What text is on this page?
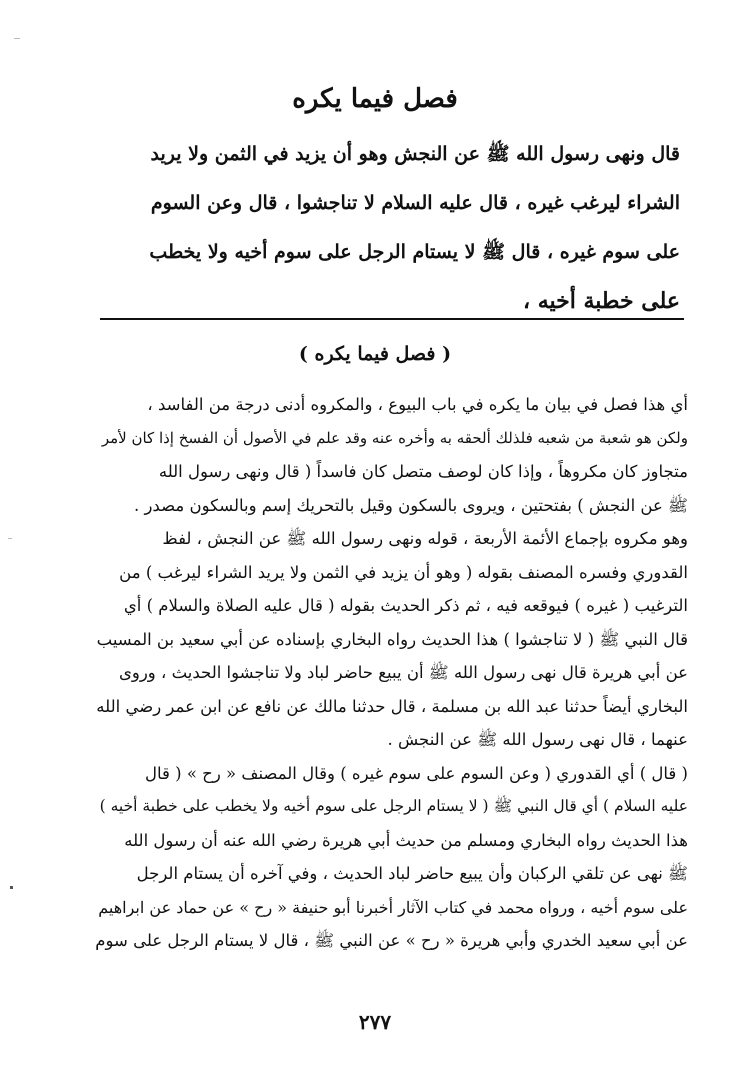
فصل فيما يكره
قال ونهى رسول الله ﷺ عن النجش وهو أن يزيد في الثمن ولا يريد
الشراء ليرغب غيره ، قال عليه السلام لا تناجشوا ، قال وعن السوم
على سوم غيره ، قال ﷺ لا يستام الرجل على سوم أخيه ولا يخطب
على خطبة أخيه ،
( فصل فيما يكره )
أي هذا فصل في بيان ما يكره في باب البيوع ، والمكروه أدنى درجة من الفاسد ،
ولكن هو شعبة من شعبه فلذلك ألحقه به وأخره عنه وقد علم في الأصول أن الفسخ إذا كان لأمر
متجاوز كان مكروهاً ، وإذا كان لوصف متصل كان فاسداً ( قال ونهى رسول الله
ﷺ عن النجش ) بفتحتين ، ويروى بالسكون وقيل بالتحريك إسم وبالسكون مصدر .
وهو مكروه بإجماع الأئمة الأربعة ، قوله ونهى رسول الله ﷺ عن النجش ، لفظ
القدوري وفسره المصنف بقوله ( وهو أن يزيد في الثمن ولا يريد الشراء ليرغب ) من
الترغيب ( غيره ) فيوقعه فيه ، ثم ذكر الحديث بقوله ( قال عليه الصلاة والسلام ) أي
قال النبي ﷺ ( لا تناجشوا ) هذا الحديث رواه البخاري بإسناده عن أبي سعيد بن المسيب
عن أبي هريرة قال نهى رسول الله ﷺ أن يبيع حاضر لباد ولا تناجشوا الحديث ، وروى
البخاري أيضاً حدثنا عبد الله بن مسلمة ، قال حدثنا مالك عن نافع عن ابن عمر رضي الله
عنهما ، قال نهى رسول الله ﷺ عن النجش .
( قال ) أي القدوري ( وعن السوم على سوم غيره ) وقال المصنف « رح » ( قال
عليه السلام ) أي قال النبي ﷺ ( لا يستام الرجل على سوم أخيه ولا يخطب على خطبة أخيه )
هذا الحديث رواه البخاري ومسلم من حديث أبي هريرة رضي الله عنه أن رسول الله
ﷺ نهى عن تلقي الركبان وأن يبيع حاضر لباد الحديث ، وفي آخره أن يستام الرجل
على سوم أخيه ، ورواه محمد في كتاب الآثار أخبرنا أبو حنيفة « رح » عن حماد عن ابراهيم
عن أبي سعيد الخدري وأبي هريرة « رح » عن النبي ﷺ ، قال لا يستام الرجل على سوم
٢٧٧
